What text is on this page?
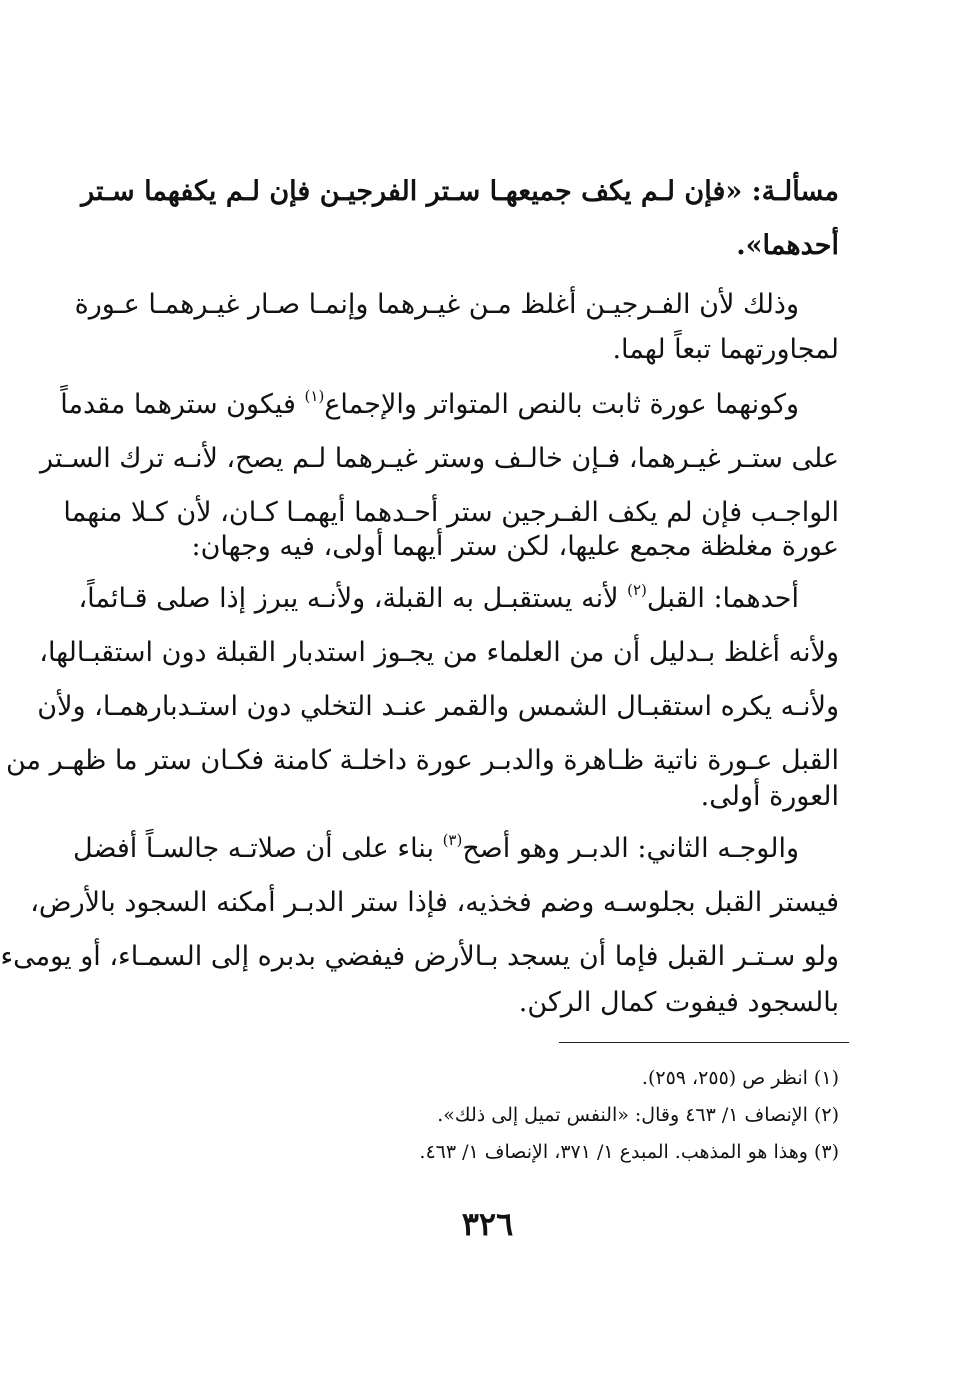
مسألـة: «فإن لـم يكف جميعهـا سـتر الفرجيـن فإن لـم يكفهما سـتر
أحدهما».
وذلك لأن الفـرجيـن أغلظ مـن غيـرهما وإنمـا صـار غيـرهمـا عـورة
لمجاورتهما تبعاً لهما.
وكونهما عورة ثابت بالنص المتواتر والإجماع$^{(١)}$ فيكون سترهما مقدماً
على ستـر غيـرهما، فـإن خالـف وستر غيـرهما لـم يصح، لأنـه ترك السـتر
الواجـب فإن لم يكف الفـرجين ستر أحـدهما أيهمـا كـان، لأن كـلا منهما
عورة مغلظة مجمع عليها، لكن ستر أيهما أولى، فيه وجهان:
أحدهما: القبل$^{(٢)}$ لأنه يستقبـل به القبلة، ولأنـه يبرز إذا صلى قـائماً،
ولأنه أغلظ بـدليل أن من العلماء من يجـوز استدبار القبلة دون استقبـالها،
ولأنـه يكره استقبـال الشمس والقمر عنـد التخلي دون استـدبارهمـا، ولأن
القبل عـورة ناتية ظـاهرة والدبـر عورة داخلـة كامنة فكـان ستر ما ظهـر من
العورة أولى.
والوجـه الثاني: الدبـر وهو أصح$^{(٣)}$ بناء على أن صلاتـه جالسـاً أفضل
فيستر القبل بجلوسـه وضم فخذيه، فإذا ستر الدبـر أمكنه السجود بالأرض،
ولو سـتـر القبل فإما أن يسجد بـالأرض فيفضي بدبره إلى السمـاء، أو يومىء
بالسجود فيفوت كمال الركن.
(١) انظر ص (٢٥٥، ٢٥٩).
(٢) الإنصاف ١/ ٤٦٣ وقال: «النفس تميل إلى ذلك».
(٣) وهذا هو المذهب. المبدع ١/ ٣٧١، الإنصاف ١/ ٤٦٣.
٣٢٦
